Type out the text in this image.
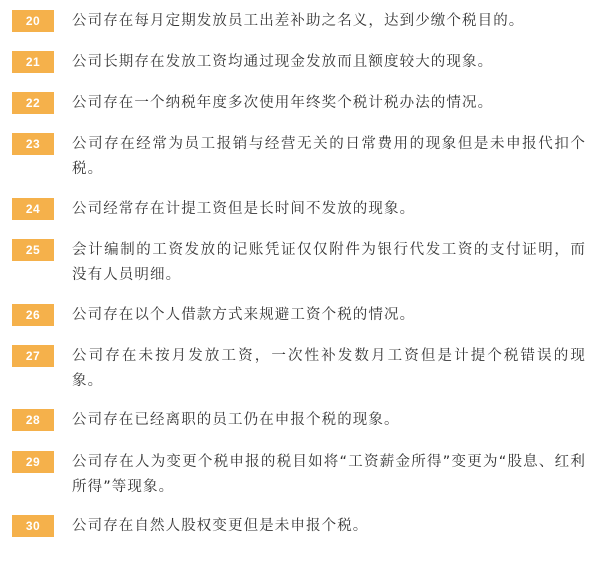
20	公司存在每月定期发放员工出差补助之名义，达到少缴个税目的。

21	公司长期存在发放工资均通过现金发放而且额度较大的现象。

22	公司存在一个纳税年度多次使用年终奖个税计税办法的情况。

23	公司存在经常为员工报销与经营无关的日常费用的现象但是未申报代扣个税。

24	公司经常存在计提工资但是长时间不发放的现象。

25	会计编制的工资发放的记账凭证仅仅附件为银行代发工资的支付证明，而没有人员明细。

26	公司存在以个人借款方式来规避工资个税的情况。

27	公司存在未按月发放工资，一次性补发数月工资但是计提个税错误的现象。

28	公司存在已经离职的员工仍在申报个税的现象。

29	公司存在人为变更个税申报的税目如将“工资薪金所得”变更为“股息、红利所得”等现象。

30	公司存在自然人股权变更但是未申报个税。
